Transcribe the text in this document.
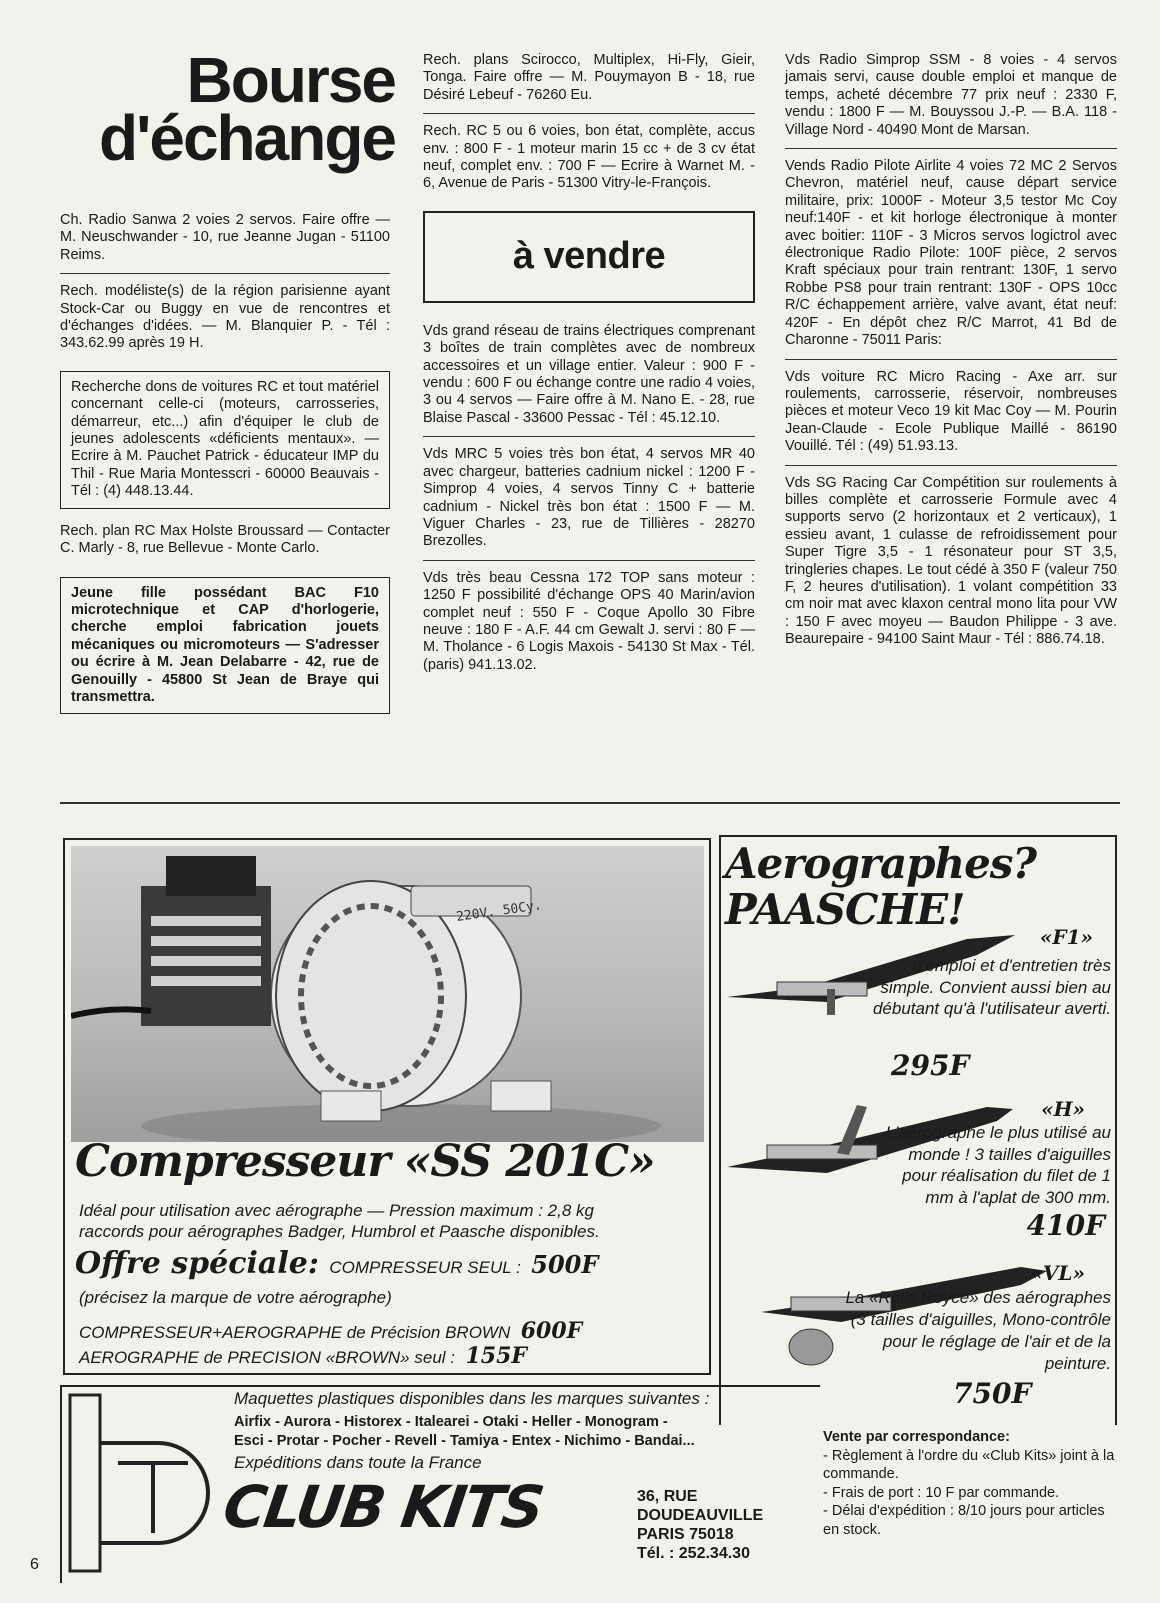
Bourse
d'échange

Ch. Radio Sanwa 2 voies 2 servos. Faire offre — M. Neuschwander - 10, rue Jeanne Jugan - 51100 Reims.

Rech. modéliste(s) de la région parisienne ayant Stock-Car ou Buggy en vue de rencontres et d'échanges d'idées. — M. Blanquier P. - Tél : 343.62.99 après 19 H.

Recherche dons de voitures RC et tout matériel concernant celle-ci (moteurs, carrosseries, démarreur, etc...) afin d'équiper le club de jeunes adolescents «déficients mentaux». — Ecrire à M. Pauchet Patrick - éducateur IMP du Thil - Rue Maria Montesscri - 60000 Beauvais - Tél : (4) 448.13.44.

Rech. plan RC Max Holste Broussard — Contacter C. Marly - 8, rue Bellevue - Monte Carlo.

Jeune fille possédant BAC F10 microtechnique et CAP d'horlogerie, cherche emploi fabrication jouets mécaniques ou micromoteurs — S'adresser ou écrire à M. Jean Delabarre - 42, rue de Genouilly - 45800 St Jean de Braye qui transmettra.

Rech. plans Scirocco, Multiplex, Hi-Fly, Gieir, Tonga. Faire offre — M. Pouymayon B - 18, rue Désiré Lebeuf - 76260 Eu.

Rech. RC 5 ou 6 voies, bon état, complète, accus env. : 800 F - 1 moteur marin 15 cc + de 3 cv état neuf, complet env. : 700 F — Ecrire à Warnet M. - 6, Avenue de Paris - 51300 Vitry-le-François.

à vendre

Vds grand réseau de trains électriques comprenant 3 boîtes de train complètes avec de nombreux accessoires et un village entier. Valeur : 900 F - vendu : 600 F ou échange contre une radio 4 voies, 3 ou 4 servos — Faire offre à M. Nano E. - 28, rue Blaise Pascal - 33600 Pessac - Tél : 45.12.10.

Vds MRC 5 voies très bon état, 4 servos MR 40 avec chargeur, batteries cadnium nickel : 1200 F - Simprop 4 voies, 4 servos Tinny C + batterie cadnium - Nickel très bon état : 1500 F — M. Viguer Charles - 23, rue de Tillières - 28270 Brezolles.

Vds très beau Cessna 172 TOP sans moteur : 1250 F possibilité d'échange OPS 40 Marin/avion complet neuf : 550 F - Coque Apollo 30 Fibre neuve : 180 F - A.F. 44 cm Gewalt J. servi : 80 F — M. Tholance - 6 Logis Maxois - 54130 St Max - Tél. (paris) 941.13.02.

Vds Radio Simprop SSM - 8 voies - 4 servos jamais servi, cause double emploi et manque de temps, acheté décembre 77 prix neuf : 2330 F, vendu : 1800 F — M. Bouyssou J.-P. — B.A. 118 - Village Nord - 40490 Mont de Marsan.

Vends Radio Pilote Airlite 4 voies 72 MC 2 Servos Chevron, matériel neuf, cause départ service militaire, prix: 1000F - Moteur 3,5 testor Mc Coy neuf:140F - et kit horloge électronique à monter avec boitier: 110F - 3 Micros servos logictrol avec électronique Radio Pilote: 100F pièce, 2 servos Kraft spéciaux pour train rentrant: 130F, 1 servo Robbe PS8 pour train rentrant: 130F - OPS 10cc R/C échappement arrière, valve avant, état neuf: 420F - En dépôt chez R/C Marrot, 41 Bd de Charonne - 75011 Paris:

Vds voiture RC Micro Racing - Axe arr. sur roulements, carrosserie, réservoir, nombreuses pièces et moteur Veco 19 kit Mac Coy — M. Pourin Jean-Claude - Ecole Publique Maillé - 86190 Vouillé. Tél : (49) 51.93.13.

Vds SG Racing Car Compétition sur roulements à billes complète et carrosserie Formule avec 4 supports servo (2 horizontaux et 2 verticaux), 1 essieu avant, 1 culasse de refroidissement pour Super Tigre 3,5 - 1 résonateur pour ST 3,5, tringleries chapes. Le tout cédé à 350 F (valeur 750 F, 2 heures d'utilisation). 1 volant compétition 33 cm noir mat avec klaxon central mono lita pour VW : 150 F avec moyeu — Baudon Philippe - 3 ave. Beaurepaire - 94100 Saint Maur - Tél : 886.74.18.

220V. 50Cy.
Compresseur «SS 201C»
Idéal pour utilisation avec aérographe — Pression maximum : 2,8 kg
raccords pour aérographes Badger, Humbrol et Paasche disponibles.
Offre spéciale: COMPRESSEUR SEUL : 500F
(précisez la marque de votre aérographe)
COMPRESSEUR+AEROGRAPHE de Précision BROWN 600F
AEROGRAPHE de PRECISION «BROWN» seul : 155F
Aerographes?
PAASCHE!
«F1»
d'emploi et d'entretien très simple. Convient aussi bien au débutant qu'à l'utilisateur averti.
295F
«H»
L'aérographe le plus utilisé au monde ! 3 tailles d'aiguilles pour réalisation du filet de 1 mm à l'aplat de 300 mm.
410F
«VL»
La «Rolls Royce» des aérographes (3 tailles d'aiguilles, Mono-contrôle pour le réglage de l'air et de la peinture.
750F
Maquettes plastiques disponibles dans les marques suivantes :
Airfix - Aurora - Historex - Italearei - Otaki - Heller - Monogram -
Esci - Protar - Pocher - Revell - Tamiya - Entex - Nichimo - Bandai...
Expéditions dans toute la France
CLUB KITS	36, RUE
DOUDEAUVILLE
PARIS 75018
Tél. : 252.34.30
Vente par correspondance:
- Règlement à l'ordre du «Club Kits» joint à la commande.
- Frais de port : 10 F par commande.
- Délai d'expédition : 8/10 jours pour articles en stock.
6
